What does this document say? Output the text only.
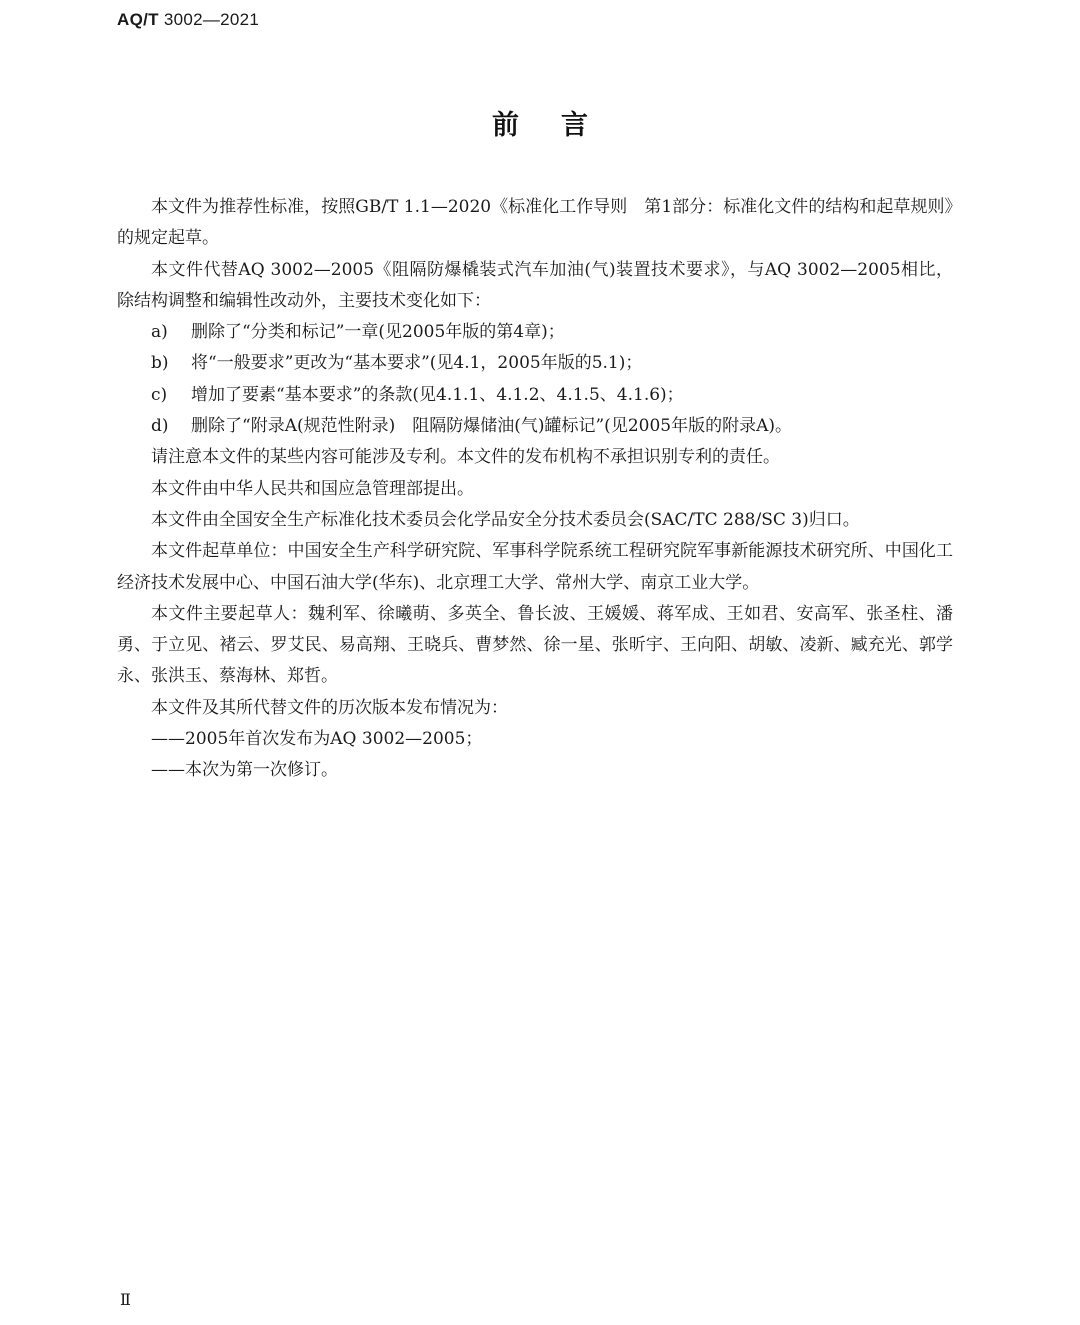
AQ/T 3002—2021
前言

本文件为推荐性标准，按照GB/T 1.1—2020《标准化工作导则　第1部分：标准化文件的结构和起草规则》的规定起草。

本文件代替AQ 3002—2005《阻隔防爆橇装式汽车加油(气)装置技术要求》，与AQ 3002—2005相比，除结构调整和编辑性改动外，主要技术变化如下：

a) 删除了“分类和标记”一章(见2005年版的第4章)；

b) 将“一般要求”更改为“基本要求”(见4.1，2005年版的5.1)；

c) 增加了要素“基本要求”的条款(见4.1.1、4.1.2、4.1.5、4.1.6)；

d) 删除了“附录A(规范性附录)　阻隔防爆储油(气)罐标记”(见2005年版的附录A)。

请注意本文件的某些内容可能涉及专利。本文件的发布机构不承担识别专利的责任。

本文件由中华人民共和国应急管理部提出。

本文件由全国安全生产标准化技术委员会化学品安全分技术委员会(SAC/TC 288/SC 3)归口。

本文件起草单位：中国安全生产科学研究院、军事科学院系统工程研究院军事新能源技术研究所、中国化工经济技术发展中心、中国石油大学(华东)、北京理工大学、常州大学、南京工业大学。

本文件主要起草人：魏利军、徐曦萌、多英全、鲁长波、王媛媛、蒋军成、王如君、安高军、张圣柱、潘勇、于立见、褚云、罗艾民、易高翔、王晓兵、曹梦然、徐一星、张昕宇、王向阳、胡敏、凌新、臧充光、郭学永、张洪玉、蔡海林、郑哲。

本文件及其所代替文件的历次版本发布情况为：

——2005年首次发布为AQ 3002—2005；

——本次为第一次修订。

Ⅱ
